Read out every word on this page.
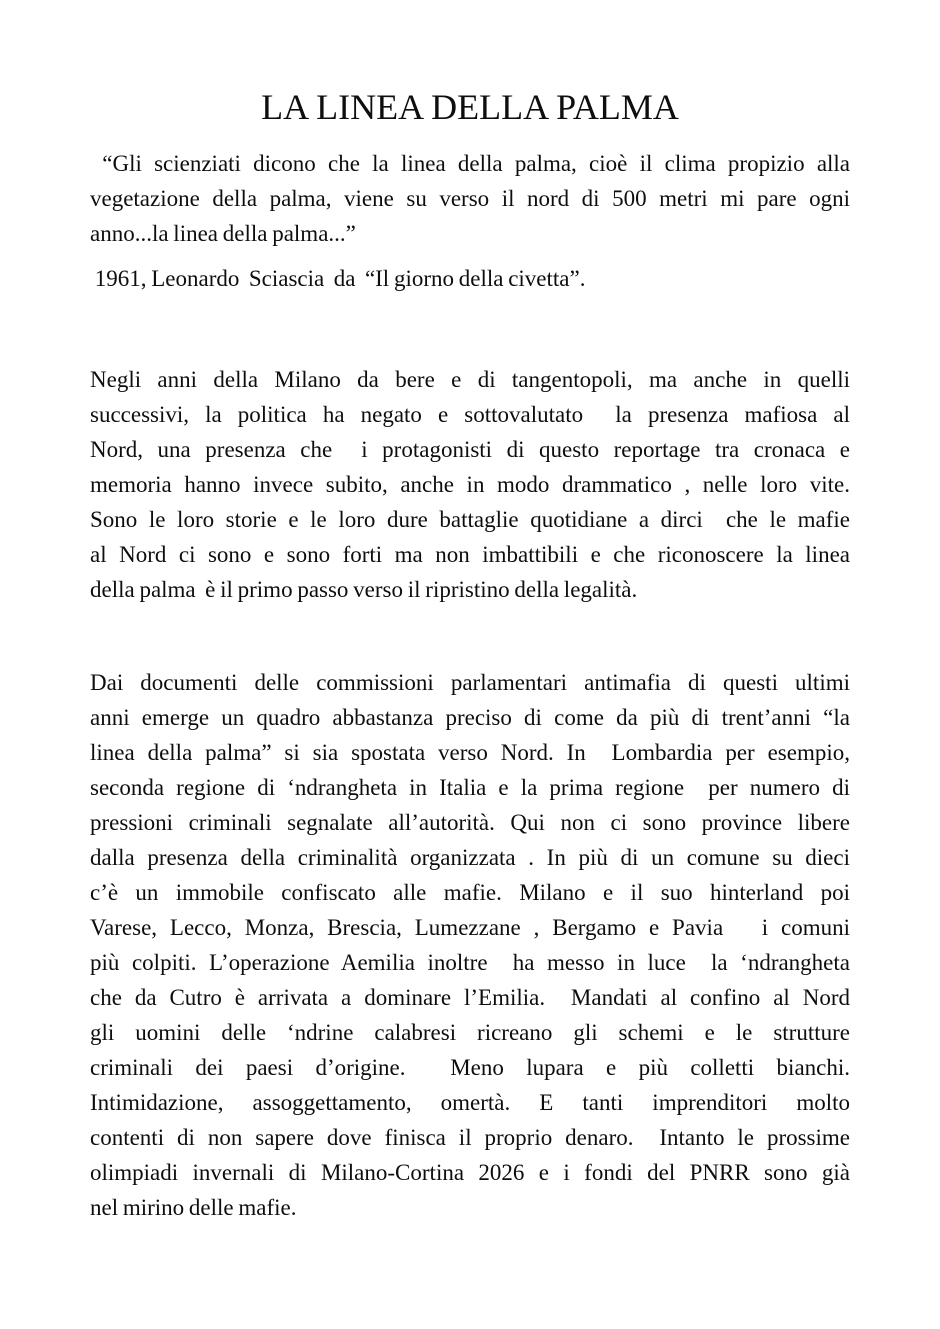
LA LINEA DELLA PALMA
“Gli scienziati dicono che la linea della palma, cioè il clima propizio alla
vegetazione della palma, viene su verso il nord di 500 metri mi pare ogni
anno...la linea della palma...”
1961, Leonardo  Sciascia  da  “Il giorno della civetta”.
Negli anni della Milano da bere e di tangentopoli, ma anche in quelli
successivi, la politica ha negato e sottovalutato  la presenza mafiosa al
Nord, una presenza che  i protagonisti di questo reportage tra cronaca e
memoria hanno invece subito, anche in modo drammatico , nelle loro vite.
Sono le loro storie e le loro dure battaglie quotidiane a dirci  che le mafie
al Nord ci sono e sono forti ma non imbattibili e che riconoscere la linea
della palma  è il primo passo verso il ripristino della legalità.
Dai documenti delle commissioni parlamentari antimafia di questi ultimi
anni emerge un quadro abbastanza preciso di come da più di trent’anni “la
linea della palma” si sia spostata verso Nord. In  Lombardia per esempio,
seconda regione di ‘ndrangheta in Italia e la prima regione  per numero di
pressioni criminali segnalate all’autorità. Qui non ci sono province libere
dalla presenza della criminalità organizzata . In più di un comune su dieci
c’è un immobile confiscato alle mafie. Milano e il suo hinterland poi
Varese, Lecco, Monza, Brescia, Lumezzane , Bergamo e Pavia   i comuni
più colpiti. L’operazione Aemilia inoltre  ha messo in luce  la ‘ndrangheta
che da Cutro è arrivata a dominare l’Emilia.  Mandati al confino al Nord
gli uomini delle ‘ndrine calabresi ricreano gli schemi e le strutture
criminali dei paesi d’origine.  Meno lupara e più colletti bianchi.
Intimidazione, assoggettamento, omertà. E tanti imprenditori molto
contenti di non sapere dove finisca il proprio denaro.  Intanto le prossime
olimpiadi invernali di Milano-Cortina 2026 e i fondi del PNRR sono già
nel mirino delle mafie.
